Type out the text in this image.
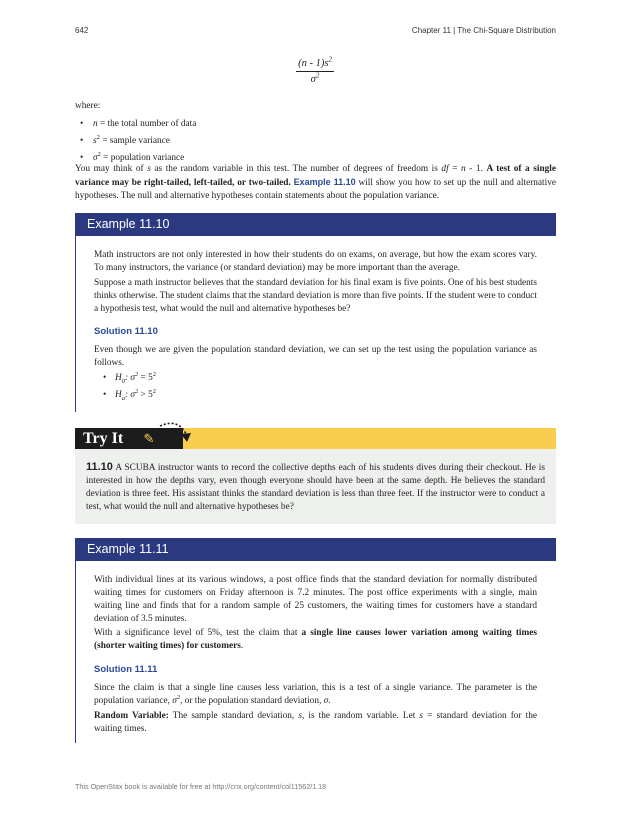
642	Chapter 11 | The Chi-Square Distribution
$\frac{(n - 1)s^2}{\sigma^2}$
where:
• n = the total number of data
• $s^2$ = sample variance
• $\sigma^2$ = population variance

You may think of s as the random variable in this test. The number of degrees of freedom is df = n - 1. A test of a single variance may be right-tailed, left-tailed, or two-tailed. Example 11.10 will show you how to set up the null and alternative hypotheses. The null and alternative hypotheses contain statements about the population variance.

Example 11.10

Math instructors are not only interested in how their students do on exams, on average, but how the exam scores vary. To many instructors, the variance (or standard deviation) may be more important than the average.

Suppose a math instructor believes that the standard deviation for his final exam is five points. One of his best students thinks otherwise. The student claims that the standard deviation is more than five points. If the student were to conduct a hypothesis test, what would the null and alternative hypotheses be?

Solution 11.10

Even though we are given the population standard deviation, we can set up the test using the population variance as follows.

• $H_0$: $\sigma^2 = 5^2$
• $H_a$: $\sigma^2 > 5^2$
Try It	✎

11.10 A SCUBA instructor wants to record the collective depths each of his students dives during their checkout. He is interested in how the depths vary, even though everyone should have been at the same depth. He believes the standard deviation is three feet. His assistant thinks the standard deviation is less than three feet. If the instructor were to conduct a test, what would the null and alternative hypotheses be?

Example 11.11

With individual lines at its various windows, a post office finds that the standard deviation for normally distributed waiting times for customers on Friday afternoon is 7.2 minutes. The post office experiments with a single, main waiting line and finds that for a random sample of 25 customers, the waiting times for customers have a standard deviation of 3.5 minutes.

With a significance level of 5%, test the claim that a single line causes lower variation among waiting times (shorter waiting times) for customers.

Solution 11.11

Since the claim is that a single line causes less variation, this is a test of a single variance. The parameter is the population variance, $\sigma^2$, or the population standard deviation, σ.

Random Variable: The sample standard deviation, s, is the random variable. Let s = standard deviation for the waiting times.

This OpenStax book is available for free at http://cnx.org/content/col11562/1.18
